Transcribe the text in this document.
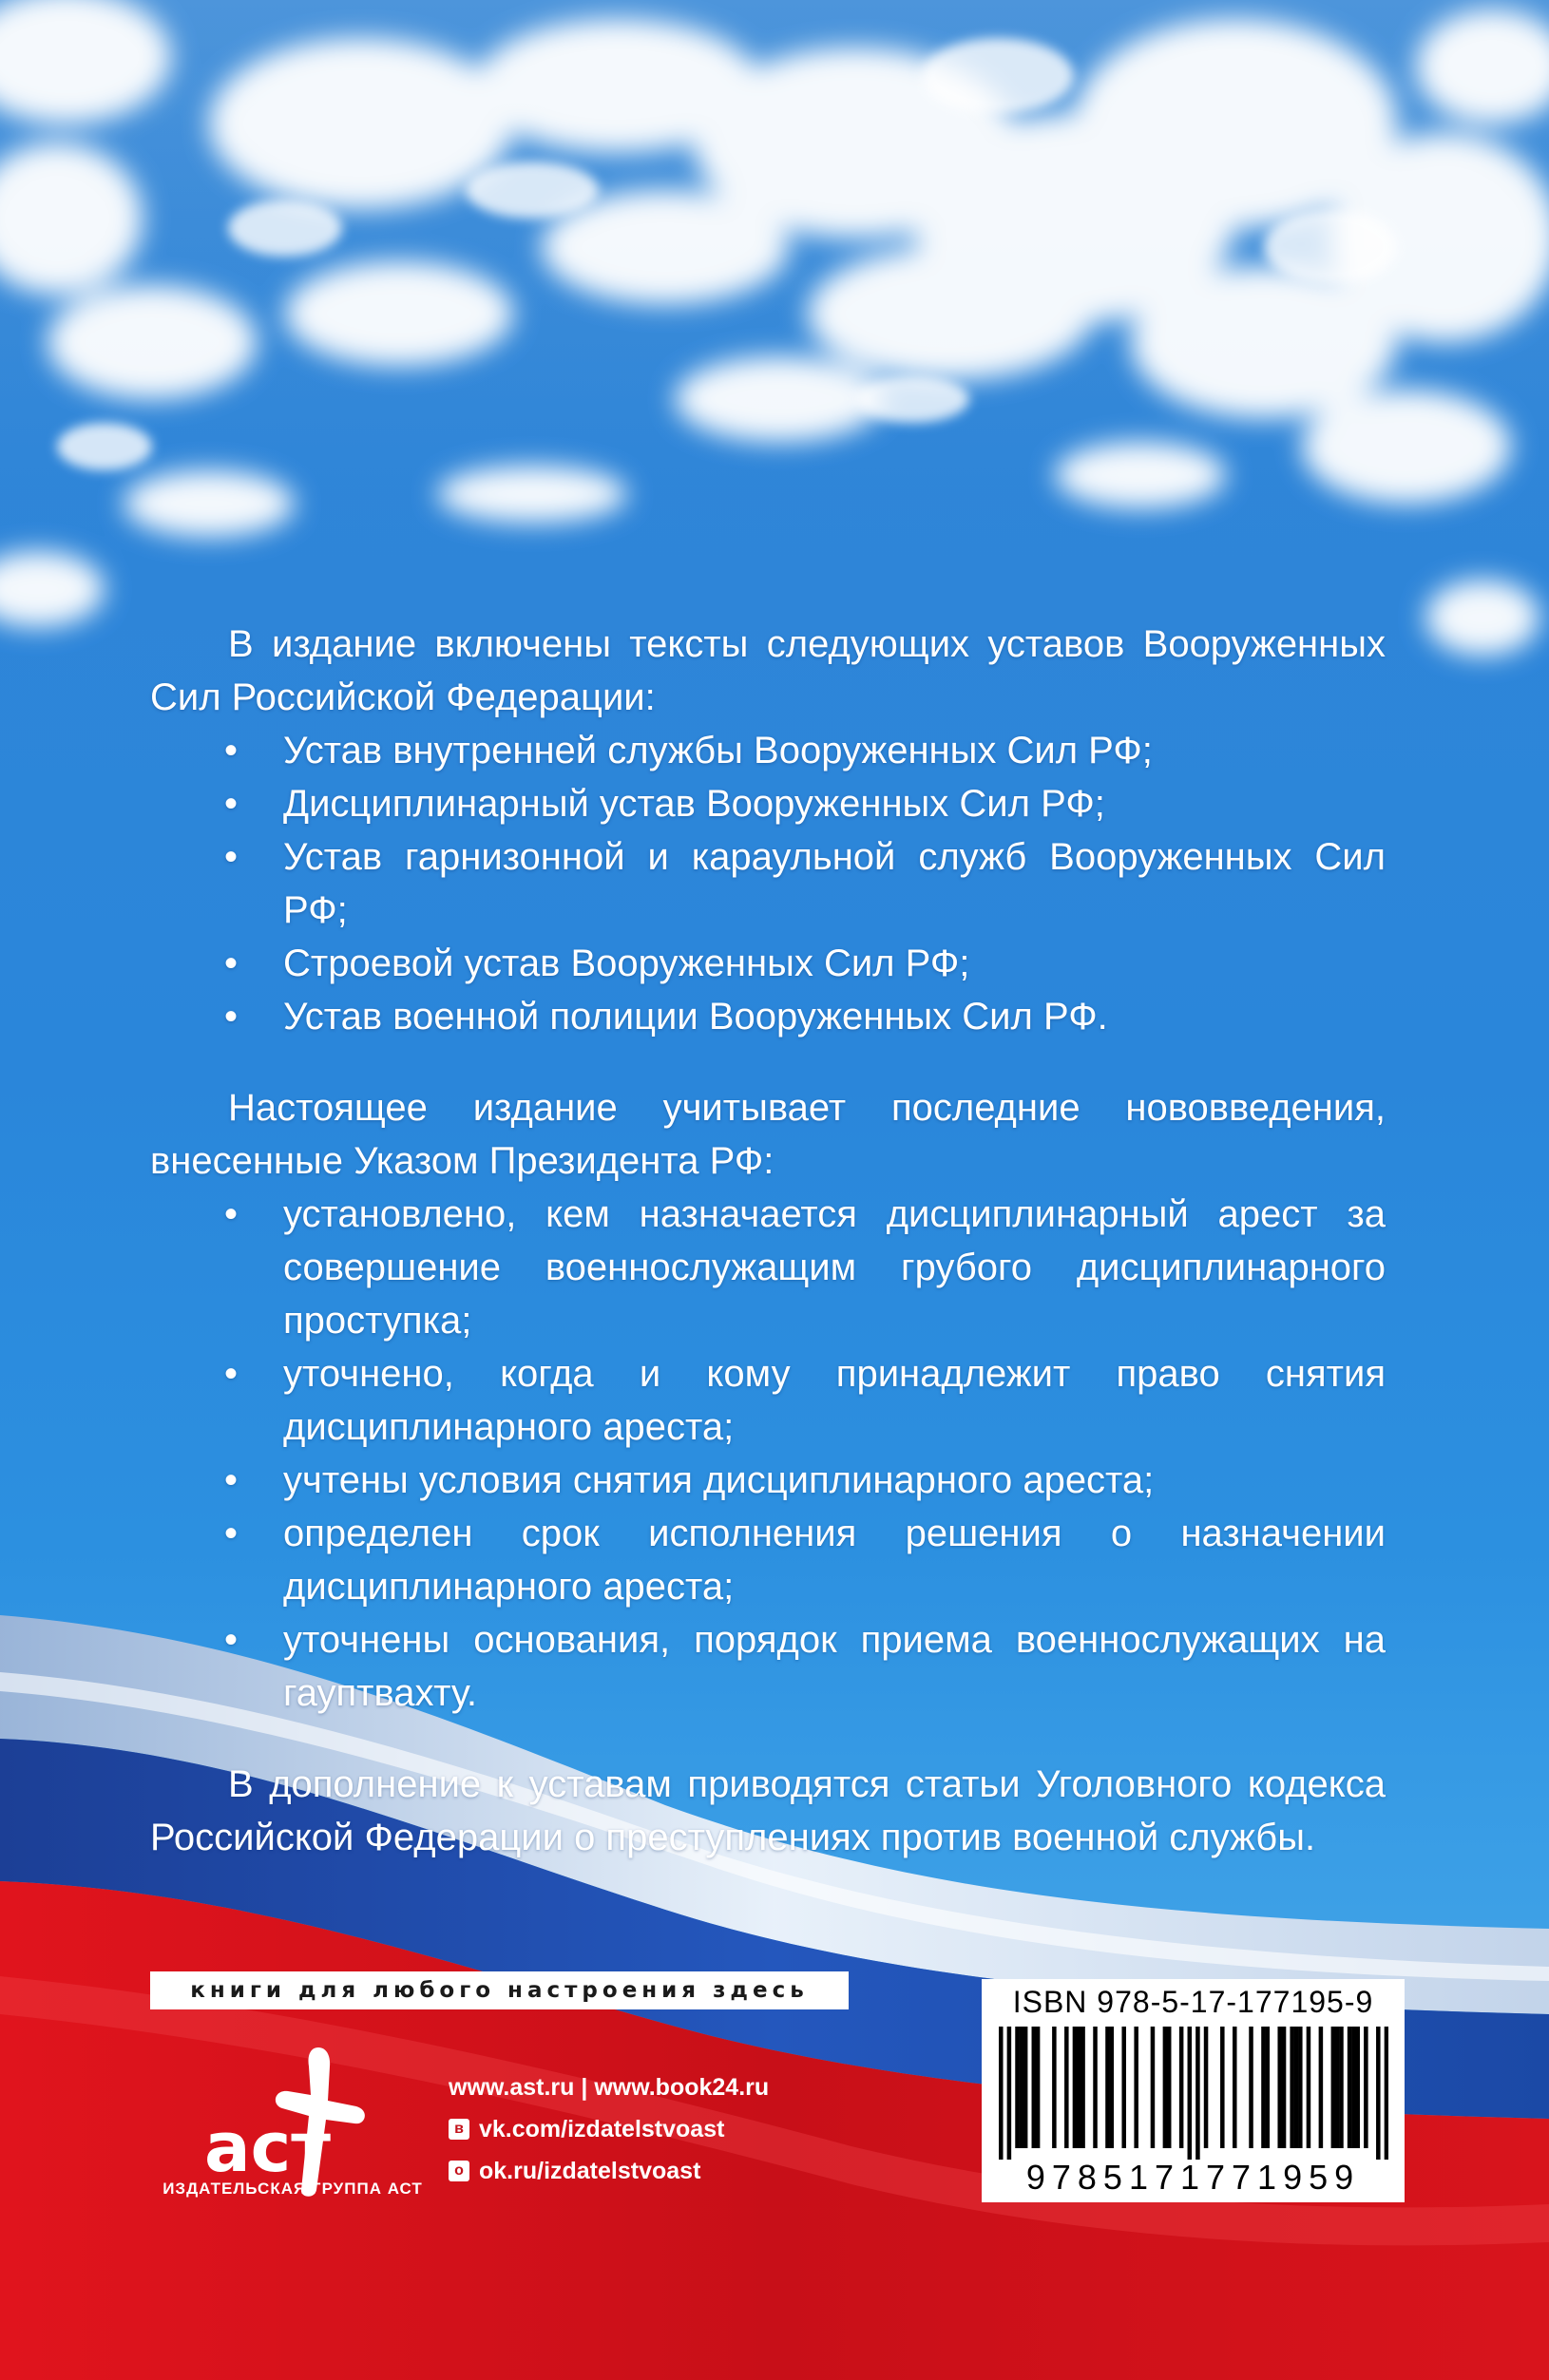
В издание включены тексты следующих уставов Вооруженных Сил Российской Федерации:

• Устав внутренней службы Вооруженных Сил РФ;
• Дисциплинарный устав Вооруженных Сил РФ;
• Устав гарнизонной и караульной служб Вооруженных Сил РФ;
• Строевой устав Вооруженных Сил РФ;
• Устав военной полиции Вооруженных Сил РФ.

Настоящее издание учитывает последние нововведения, внесенные Указом Президента РФ:

• установлено, кем назначается дисциплинарный арест за совершение военнослужащим грубого дисциплинарного проступка;
• уточнено, когда и кому принадлежит право снятия дисциплинарного ареста;
• учтены условия снятия дисциплинарного ареста;
• определен срок исполнения решения о назначении дисциплинарного ареста;
• уточнены основания, порядок приема военнослужащих на гауптвахту.

В дополнение к уставам приводятся статьи Уголовного кодекса Российской Федерации о преступлениях против военной службы.

книги для любого настроения здесь
аст
ИЗДАТЕЛЬСКАЯ ГРУППА АСТ
www.ast.ru | www.book24.ru
в vk.com/izdatelstvoast
о ok.ru/izdatelstvoast
ISBN 978-5-17-177195-9
9785171771959
